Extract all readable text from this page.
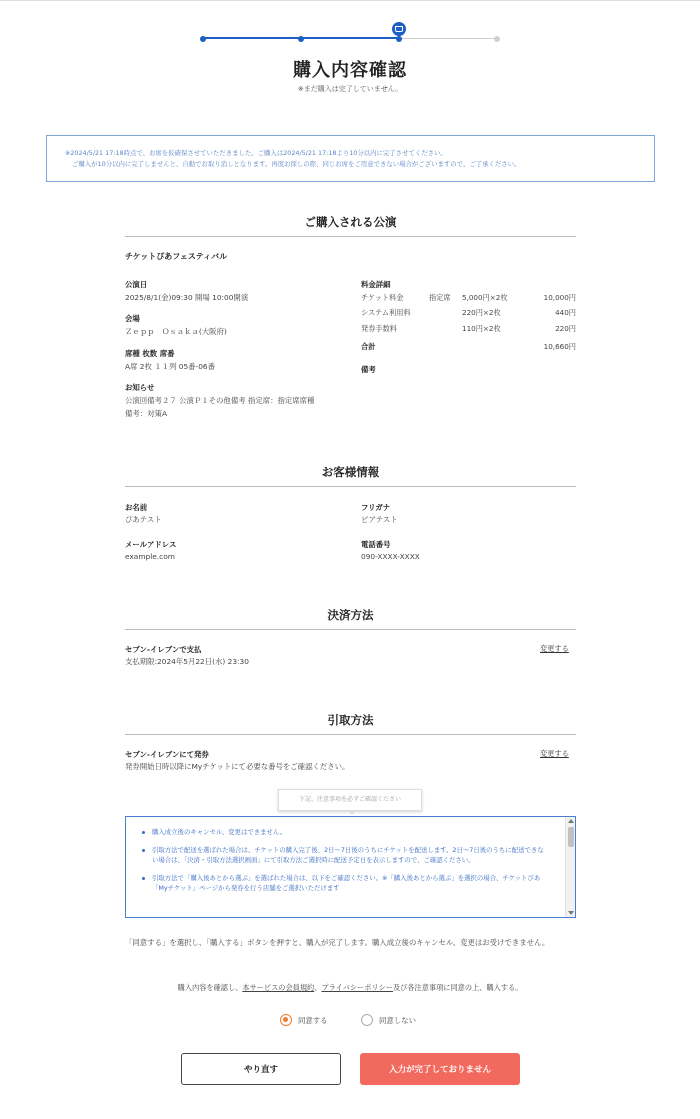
購入内容確認
※まだ購入は完了していません。
※2024/5/21 17:18時点で、お席を仮確保させていただきました。ご購入は2024/5/21 17:18より10分以内に完了させてください。
ご購入が10分以内に完了しませんと、自動でお取り消しとなります。再度お探しの際、同じお席をご用意できない場合がございますので、ご了承ください。
ご購入される公演
チケットぴあフェスティバル
公演日
2025/8/1(金)09:30 開場 10:00開演
会場
Ｚｅｐｐ　Ｏｓａｋａ(大阪府)
席種 枚数 席番
A席 2枚 １１列 05番-06番
お知らせ
公演回備考２７ 公演Ｐ１その他備考 指定席：指定席席種
備考：対策A
料金詳細
チケット料金	指定席 5,000円×2枚	10,000円
システム利用料	220円×2枚	440円
発券手数料	110円×2枚	220円
合計	10,660円
備考
お客様情報
お名前
ぴあテスト
フリガナ
ピアテスト
メールアドレス
example.com
電話番号
090-XXXX-XXXX
決済方法
セブン-イレブンで支払
支払期限:2024年5月22日(水) 23:30
変更する
引取方法
セブン-イレブンにて発券
発券開始日時以降にMyチケットにて必要な番号をご確認ください。
変更する
下記、注意事項を必ずご確認ください
購入成立後のキャンセル、変更はできません。
引取方法で配送を選ばれた場合は、チケットの購入完了後、2日～7日後のうちにチケットを配送します。2日～7日後のうちに配送できない場合は、「決済・引取方法選択画面」にて引取方法ご選択時に配送予定日を表示しますので、ご確認ください。
引取方法で「購入後あとから選ぶ」を選ばれた場合は、以下をご確認ください。※「購入後あとから選ぶ」を選択の場合、チケットぴあ「Myチケット」ページから発券を行う店舗をご選択いただけます
「同意する」を選択し、「購入する」ボタンを押すと、購入が完了します。購入成立後のキャンセル、変更はお受けできません。
購入内容を確認し、本サービスの会員規約、プライバシーポリシー及び各注意事項に同意の上、購入する。
同意する	同意しない
やり直す	入力が完了しておりません
